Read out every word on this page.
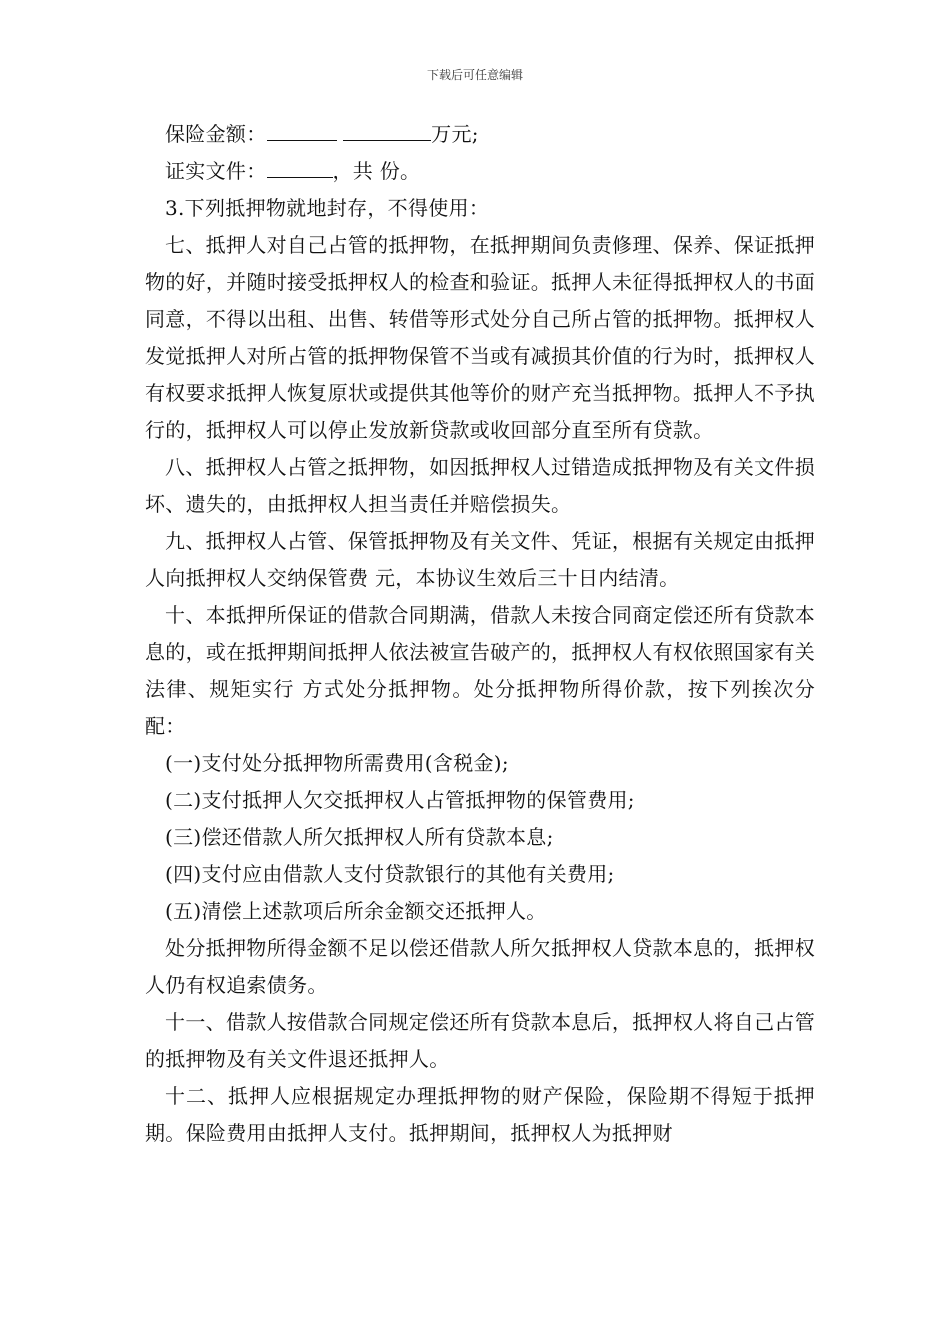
下载后可任意编辑

保险金额：	万元;

证实文件：	，共 份。

3.下列抵押物就地封存，不得使用：

七、抵押人对自己占管的抵押物，在抵押期间负责修理、保养、保证抵押物的好，并随时接受抵押权人的检查和验证。抵押人未征得抵押权人的书面同意，不得以出租、出售、转借等形式处分自己所占管的抵押物。抵押权人发觉抵押人对所占管的抵押物保管不当或有减损其价值的行为时，抵押权人有权要求抵押人恢复原状或提供其他等价的财产充当抵押物。抵押人不予执行的，抵押权人可以停止发放新贷款或收回部分直至所有贷款。

八、抵押权人占管之抵押物，如因抵押权人过错造成抵押物及有关文件损坏、遗失的，由抵押权人担当责任并赔偿损失。

九、抵押权人占管、保管抵押物及有关文件、凭证，根据有关规定由抵押人向抵押权人交纳保管费 元，本协议生效后三十日内结清。

十、本抵押所保证的借款合同期满，借款人未按合同商定偿还所有贷款本息的，或在抵押期间抵押人依法被宣告破产的，抵押权人有权依照国家有关法律、规矩实行 方式处分抵押物。处分抵押物所得价款，按下列挨次分配：

(一)支付处分抵押物所需费用(含税金);

(二)支付抵押人欠交抵押权人占管抵押物的保管费用;

(三)偿还借款人所欠抵押权人所有贷款本息;

(四)支付应由借款人支付贷款银行的其他有关费用;

(五)清偿上述款项后所余金额交还抵押人。

处分抵押物所得金额不足以偿还借款人所欠抵押权人贷款本息的，抵押权人仍有权追索债务。

十一、借款人按借款合同规定偿还所有贷款本息后，抵押权人将自己占管的抵押物及有关文件退还抵押人。

十二、抵押人应根据规定办理抵押物的财产保险，保险期不得短于抵押期。保险费用由抵押人支付。抵押期间，抵押权人为抵押财
